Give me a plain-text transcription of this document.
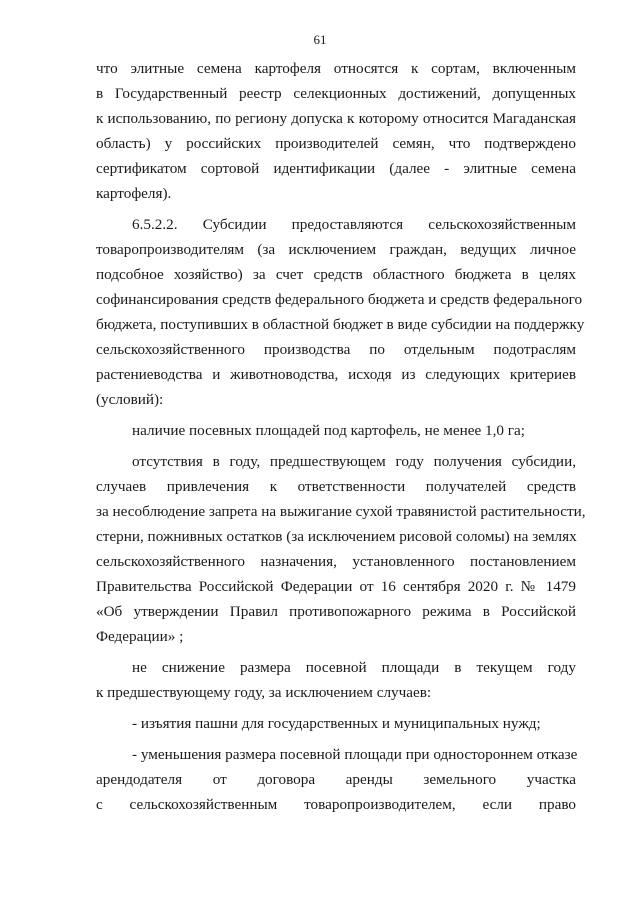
61
что элитные семена картофеля относятся к сортам, включенным
в Государственный реестр селекционных достижений, допущенных
к использованию, по региону допуска к которому относится Магаданская
область) у российских производителей семян, что подтверждено
сертификатом сортовой идентификации (далее - элитные семена
картофеля).
6.5.2.2. Субсидии предоставляются сельскохозяйственным
товаропроизводителям (за исключением граждан, ведущих личное
подсобное хозяйство) за счет средств областного бюджета в целях
софинансирования средств федерального бюджета и средств федерального
бюджета, поступивших в областной бюджет в виде субсидии на поддержку
сельскохозяйственного производства по отдельным подотраслям
растениеводства и животноводства, исходя из следующих критериев
(условий):
наличие посевных площадей под картофель, не менее 1,0 га;
отсутствия в году, предшествующем году получения субсидии,
случаев привлечения к ответственности получателей средств
за несоблюдение запрета на выжигание сухой травянистой растительности,
стерни, пожнивных остатков (за исключением рисовой соломы) на землях
сельскохозяйственного назначения, установленного постановлением
Правительства Российской Федерации от 16 сентября 2020 г. № 1479
«Об утверждении Правил противопожарного режима в Российской
Федерации» ;
не снижение размера посевной площади в текущем году
к предшествующему году, за исключением случаев:
- изъятия пашни для государственных и муниципальных нужд;
- уменьшения размера посевной площади при одностороннем отказе
арендодателя от договора аренды земельного участка
с сельскохозяйственным товаропроизводителем, если право
